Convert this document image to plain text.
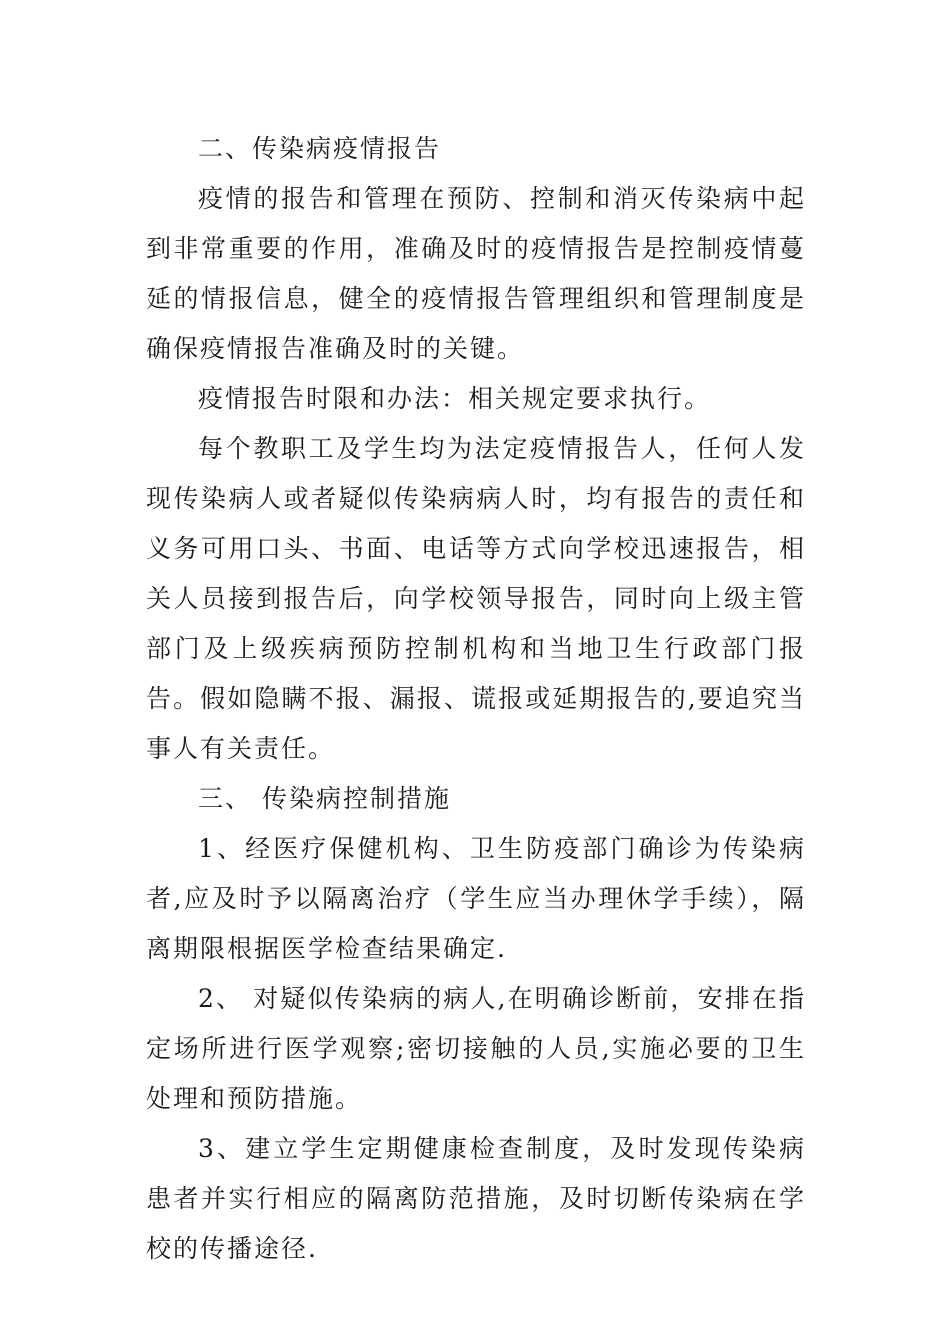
二、传染病疫情报告

疫情的报告和管理在预防、控制和消灭传染病中起到非常重要的作用，准确及时的疫情报告是控制疫情蔓延的情报信息，健全的疫情报告管理组织和管理制度是确保疫情报告准确及时的关键。

疫情报告时限和办法：相关规定要求执行。

每个教职工及学生均为法定疫情报告人，任何人发现传染病人或者疑似传染病病人时，均有报告的责任和义务可用口头、书面、电话等方式向学校迅速报告，相关人员接到报告后，向学校领导报告，同时向上级主管部门及上级疾病预防控制机构和当地卫生行政部门报告。假如隐瞒不报、漏报、谎报或延期报告的,要追究当事人有关责任。

三、 传染病控制措施

1、经医疗保健机构、卫生防疫部门确诊为传染病者,应及时予以隔离治疗（学生应当办理休学手续），隔离期限根据医学检查结果确定.

2、 对疑似传染病的病人,在明确诊断前，安排在指定场所进行医学观察;密切接触的人员,实施必要的卫生处理和预防措施。

3、建立学生定期健康检查制度，及时发现传染病患者并实行相应的隔离防范措施，及时切断传染病在学校的传播途径.
